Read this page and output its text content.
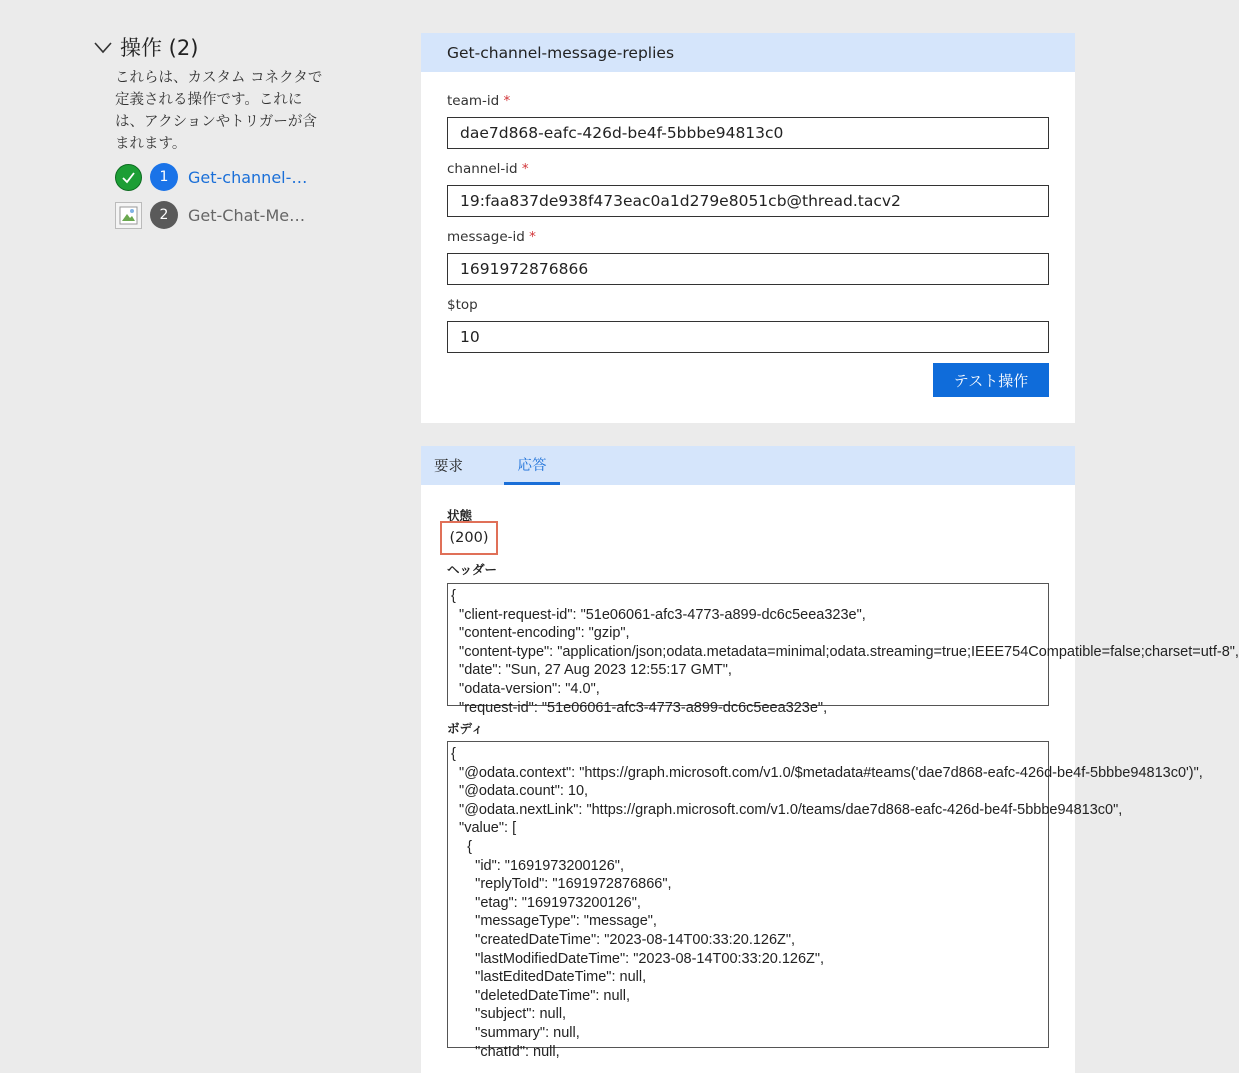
操作 (2)
これらは、カスタム コネクタで定義される操作です。これには、アクションやトリガーが含まれます。
1	Get-channel-…
2	Get-Chat-Me…
Get-channel-message-replies
team-id *
dae7d868-eafc-426d-be4f-5bbbe94813c0
channel-id *
19:faa837de938f473eac0a1d279e8051cb@thread.tacv2
message-id *
1691972876866
$top
10
テスト操作
要求	応答
状態
(200)
ヘッダー
{
"client-request-id": "51e06061-afc3-4773-a899-dc6c5eea323e",
"content-encoding": "gzip",
"content-type": "application/json;odata.metadata=minimal;odata.streaming=true;IEEE754Compatible=false;charset=utf-8",
"date": "Sun, 27 Aug 2023 12:55:17 GMT",
"odata-version": "4.0",
"request-id": "51e06061-afc3-4773-a899-dc6c5eea323e",
ボディ
{
"@odata.context": "https://graph.microsoft.com/v1.0/$metadata#teams('dae7d868-eafc-426d-be4f-5bbbe94813c0')",
"@odata.count": 10,
"@odata.nextLink": "https://graph.microsoft.com/v1.0/teams/dae7d868-eafc-426d-be4f-5bbbe94813c0",
"value": [
{
"id": "1691973200126",
"replyToId": "1691972876866",
"etag": "1691973200126",
"messageType": "message",
"createdDateTime": "2023-08-14T00:33:20.126Z",
"lastModifiedDateTime": "2023-08-14T00:33:20.126Z",
"lastEditedDateTime": null,
"deletedDateTime": null,
"subject": null,
"summary": null,
"chatId": null,
